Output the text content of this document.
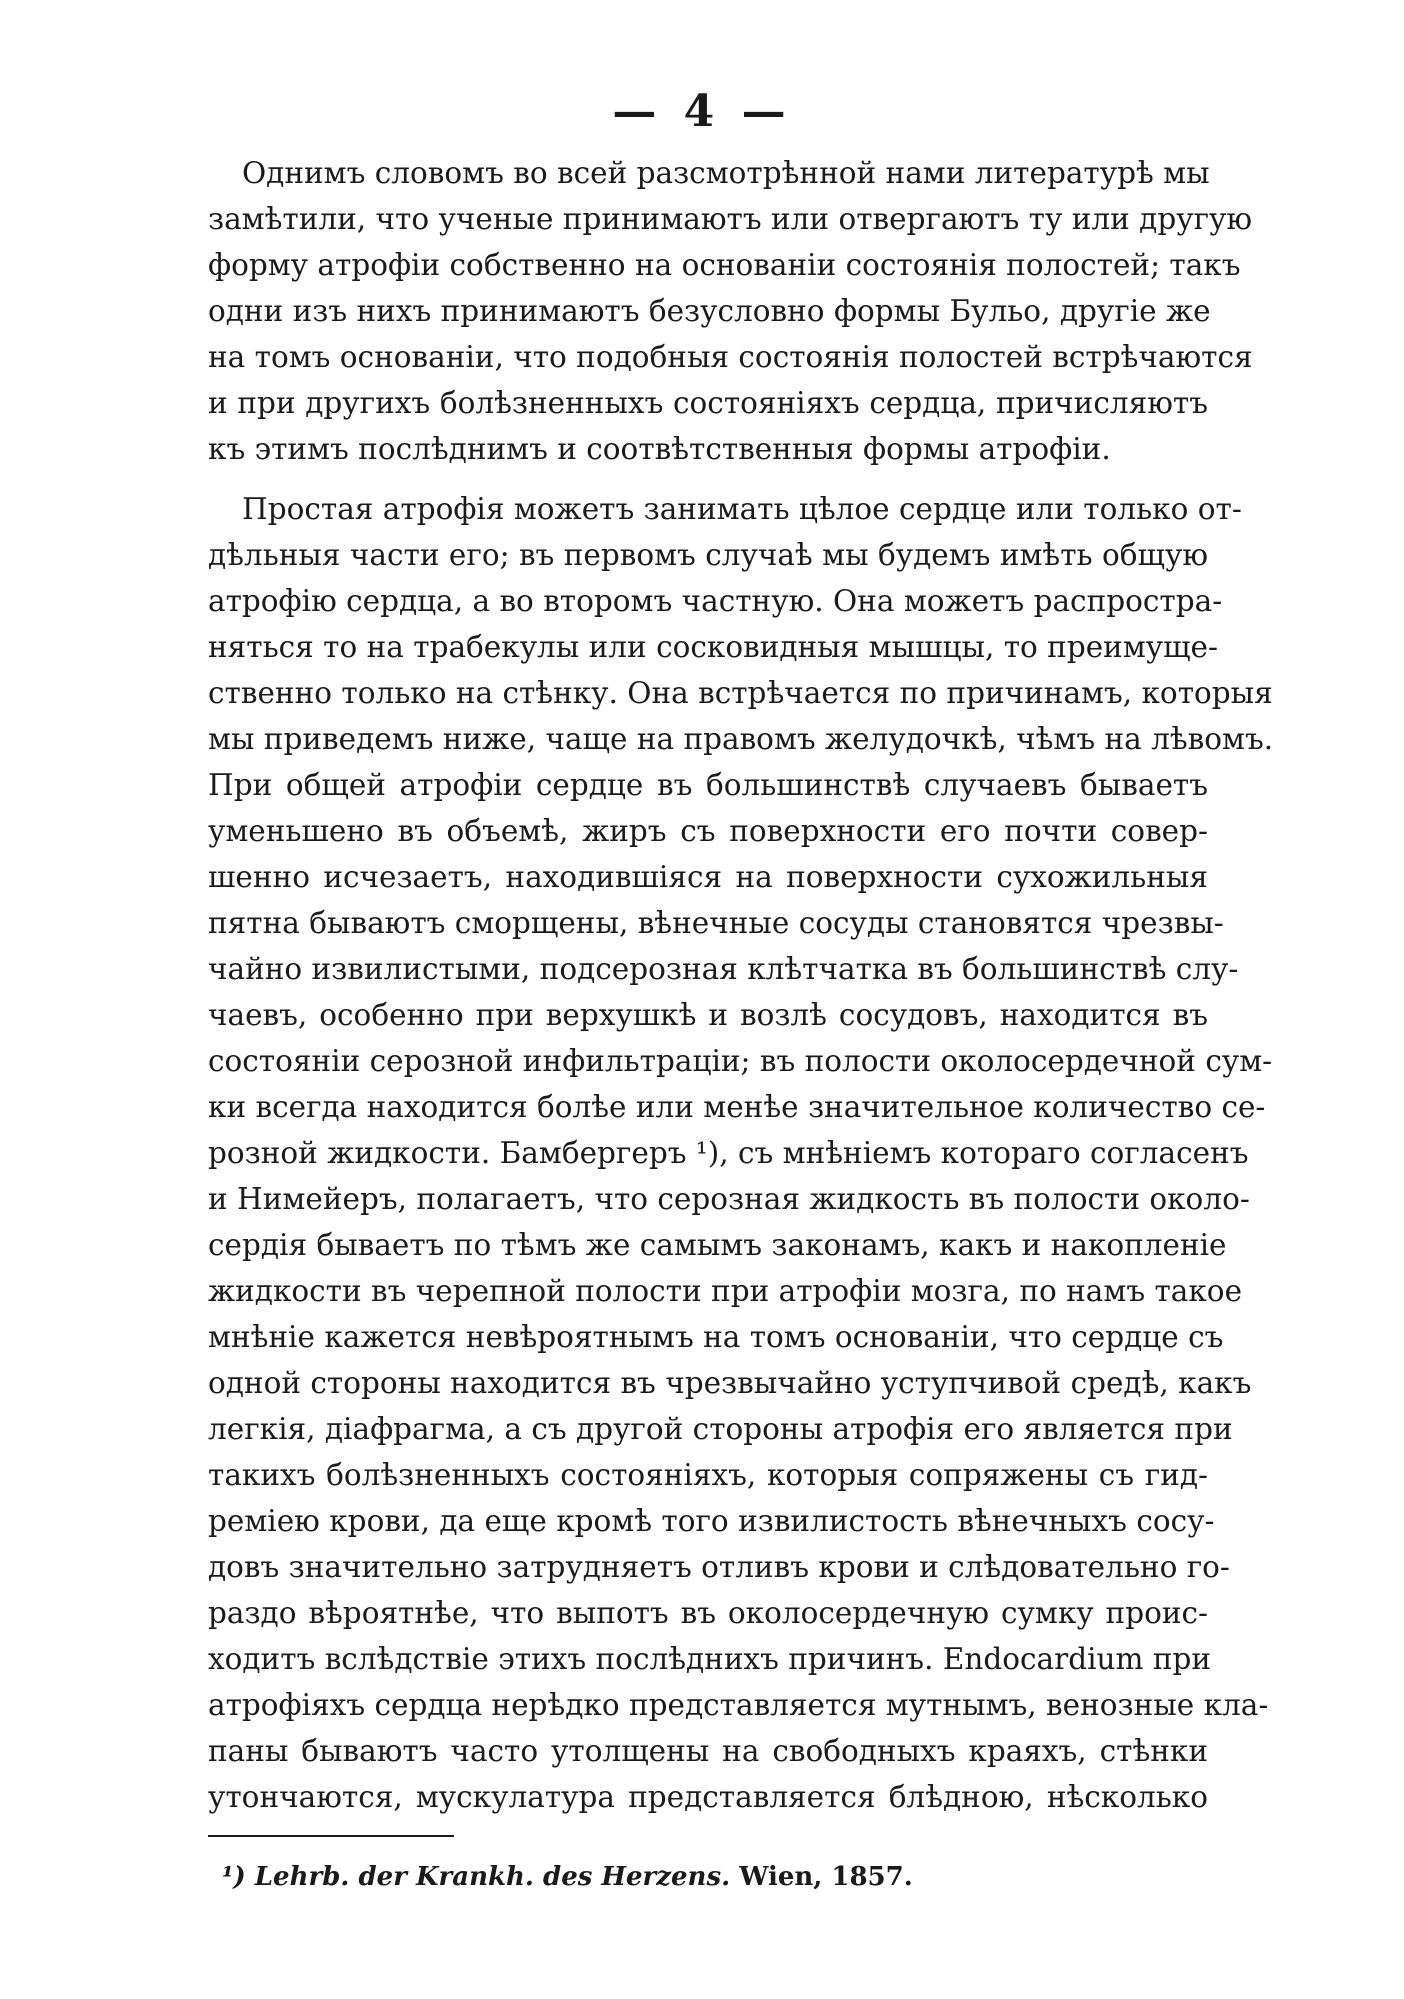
— 4 —
Однимъ словомъ во всей разсмотрѣнной нами литературѣ мы
замѣтили, что ученые принимаютъ или отвергаютъ ту или другую
форму атрофіи собственно на основаніи состоянія полостей; такъ
одни изъ нихъ принимаютъ безусловно формы Бульо, другіе же
на томъ основаніи, что подобныя состоянія полостей встрѣчаются
и при другихъ болѣзненныхъ состояніяхъ сердца, причисляютъ
къ этимъ послѣднимъ и соотвѣтственныя формы атрофіи.
Простая атрофія можетъ занимать цѣлое сердце или только от-
дѣльныя части его; въ первомъ случаѣ мы будемъ имѣть общую
атрофію сердца, а во второмъ частную. Она можетъ распростра-
няться то на трабекулы или сосковидныя мышцы, то преимуще-
ственно только на стѣнку. Она встрѣчается по причинамъ, которыя
мы приведемъ ниже, чаще на правомъ желудочкѣ, чѣмъ на лѣвомъ.
При общей атрофіи сердце въ большинствѣ случаевъ бываетъ
уменьшено въ объемѣ, жиръ съ поверхности его почти совер-
шенно исчезаетъ, находившіяся на поверхности сухожильныя
пятна бываютъ сморщены, вѣнечные сосуды становятся чрезвы-
чайно извилистыми, подсерозная клѣтчатка въ большинствѣ слу-
чаевъ, особенно при верхушкѣ и возлѣ сосудовъ, находится въ
состояніи серозной инфильтраціи; въ полости околосердечной сум-
ки всегда находится болѣе или менѣе значительное количество се-
розной жидкости. Бамбергеръ ¹), съ мнѣніемъ котораго согласенъ
и Нимейеръ, полагаетъ, что серозная жидкость въ полости около-
сердія бываетъ по тѣмъ же самымъ законамъ, какъ и накопленіе
жидкости въ черепной полости при атрофіи мозга, по намъ такое
мнѣніе кажется невѣроятнымъ на томъ основаніи, что сердце съ
одной стороны находится въ чрезвычайно уступчивой средѣ, какъ
легкія, діафрагма, а съ другой стороны атрофія его является при
такихъ болѣзненныхъ состояніяхъ, которыя сопряжены съ гид-
реміею крови, да еще кромѣ того извилистость вѣнечныхъ сосу-
довъ значительно затрудняетъ отливъ крови и слѣдовательно го-
раздо вѣроятнѣе, что выпотъ въ околосердечную сумку проис-
ходитъ вслѣдствіе этихъ послѣднихъ причинъ. Endocardium при
атрофіяхъ сердца нерѣдко представляется мутнымъ, венозные кла-
паны бываютъ часто утолщены на свободныхъ краяхъ, стѣнки
утончаются, мускулатура представляется блѣдною, нѣсколько
¹) Lehrb. der Krankh. des Herzens. Wien, 1857.
